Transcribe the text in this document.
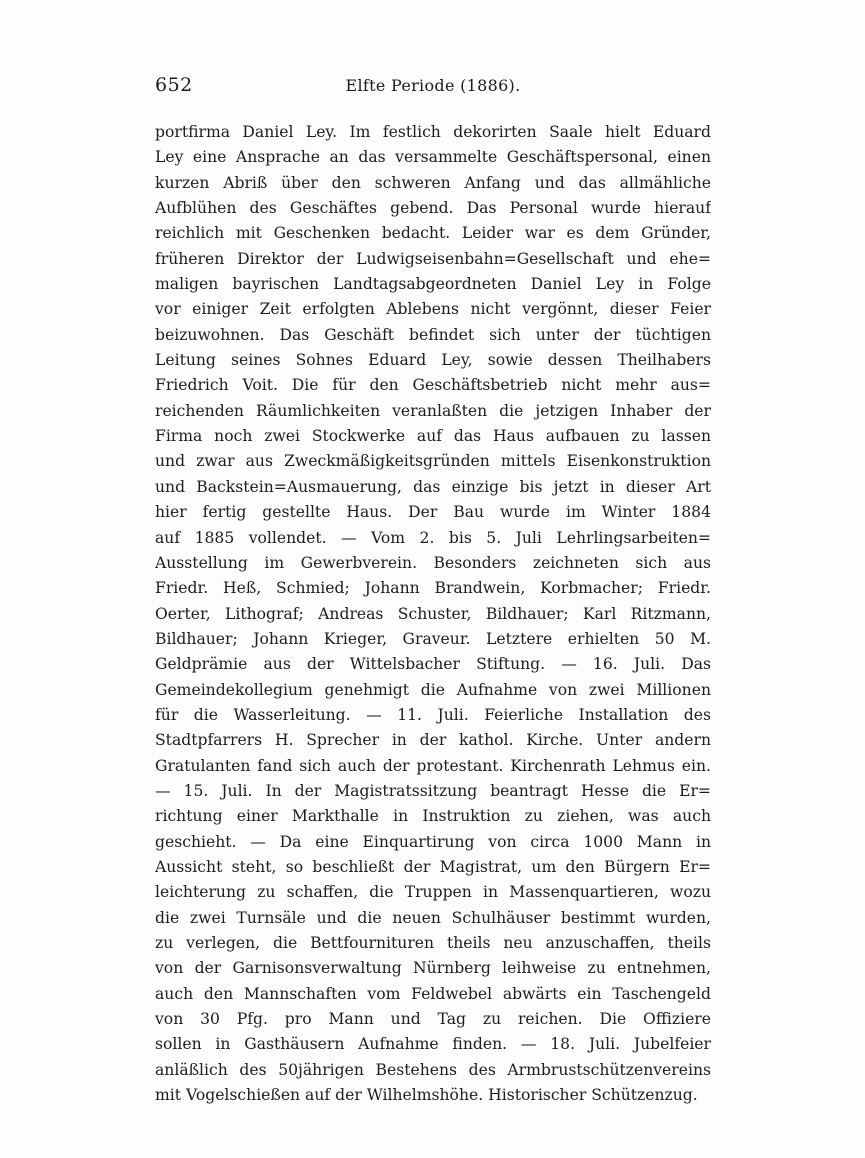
652	Elfte Periode (1886).
portfirma Daniel Ley. Im festlich dekorirten Saale hielt Eduard
Ley eine Ansprache an das versammelte Geschäftspersonal, einen
kurzen Abriß über den schweren Anfang und das allmähliche
Aufblühen des Geschäftes gebend. Das Personal wurde hierauf
reichlich mit Geschenken bedacht. Leider war es dem Gründer,
früheren Direktor der Ludwigseisenbahn=Gesellschaft und ehe=
maligen bayrischen Landtagsabgeordneten Daniel Ley in Folge
vor einiger Zeit erfolgten Ablebens nicht vergönnt, dieser Feier
beizuwohnen. Das Geschäft befindet sich unter der tüchtigen
Leitung seines Sohnes Eduard Ley, sowie dessen Theilhabers
Friedrich Voit. Die für den Geschäftsbetrieb nicht mehr aus=
reichenden Räumlichkeiten veranlaßten die jetzigen Inhaber der
Firma noch zwei Stockwerke auf das Haus aufbauen zu lassen
und zwar aus Zweckmäßigkeitsgründen mittels Eisenkonstruktion
und Backstein=Ausmauerung, das einzige bis jetzt in dieser Art
hier fertig gestellte Haus. Der Bau wurde im Winter 1884
auf 1885 vollendet. — Vom 2. bis 5. Juli Lehrlingsarbeiten=
Ausstellung im Gewerbverein. Besonders zeichneten sich aus
Friedr. Heß, Schmied; Johann Brandwein, Korbmacher; Friedr.
Oerter, Lithograf; Andreas Schuster, Bildhauer; Karl Ritzmann,
Bildhauer; Johann Krieger, Graveur. Letztere erhielten 50 M.
Geldprämie aus der Wittelsbacher Stiftung. — 16. Juli. Das
Gemeindekollegium genehmigt die Aufnahme von zwei Millionen
für die Wasserleitung. — 11. Juli. Feierliche Installation des
Stadtpfarrers H. Sprecher in der kathol. Kirche. Unter andern
Gratulanten fand sich auch der protestant. Kirchenrath Lehmus ein.
— 15. Juli. In der Magistratssitzung beantragt Hesse die Er=
richtung einer Markthalle in Instruktion zu ziehen, was auch
geschieht. — Da eine Einquartirung von circa 1000 Mann in
Aussicht steht, so beschließt der Magistrat, um den Bürgern Er=
leichterung zu schaffen, die Truppen in Massenquartieren, wozu
die zwei Turnsäle und die neuen Schulhäuser bestimmt wurden,
zu verlegen, die Bettfournituren theils neu anzuschaffen, theils
von der Garnisonsverwaltung Nürnberg leihweise zu entnehmen,
auch den Mannschaften vom Feldwebel abwärts ein Taschengeld
von 30 Pfg. pro Mann und Tag zu reichen. Die Offiziere
sollen in Gasthäusern Aufnahme finden. — 18. Juli. Jubelfeier
anläßlich des 50jährigen Bestehens des Armbrustschützenvereins
mit Vogelschießen auf der Wilhelmshöhe. Historischer Schützenzug.
